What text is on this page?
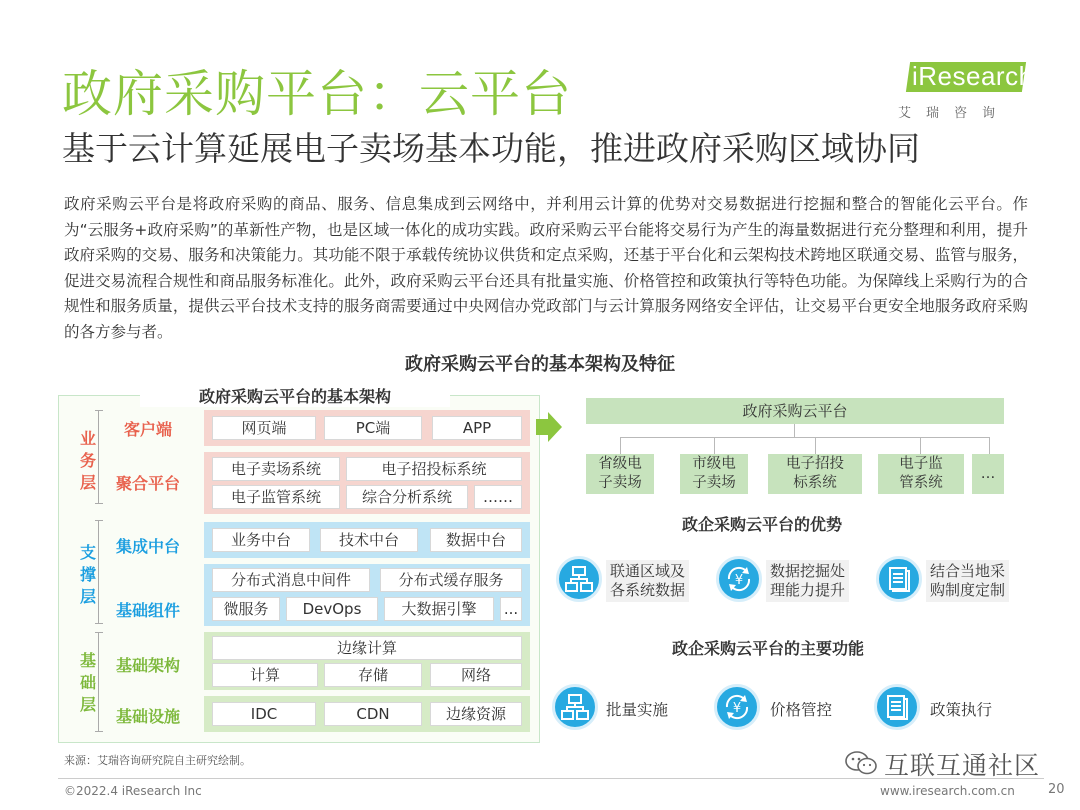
政府采购平台：云平台
基于云计算延展电子卖场基本功能，推进政府采购区域协同
iResearch
艾瑞咨询
政府采购云平台是将政府采购的商品、服务、信息集成到云网络中，并利用云计算的优势对交易数据进行挖掘和整合的智能化云平台。作为“云服务+政府采购”的革新性产物，也是区域一体化的成功实践。政府采购云平台能将交易行为产生的海量数据进行充分整理和利用，提升政府采购的交易、服务和决策能力。其功能不限于承载传统协议供货和定点采购，还基于平台化和云架构技术跨地区联通交易、监管与服务，促进交易流程合规性和商品服务标准化。此外，政府采购云平台还具有批量实施、价格管控和政策执行等特色功能。为保障线上采购行为的合规性和服务质量，提供云平台技术支持的服务商需要通过中央网信办党政部门与云计算服务网络安全评估，让交易平台更安全地服务政府采购的各方参与者。
政府采购云平台的基本架构及特征
政府采购云平台的基本架构
业务层
支撑层
基础层
客户端	网页端	PC端	APP
聚合平台
电子卖场系统	电子招投标系统
电子监管系统	综合分析系统	……
集成中台	业务中台	技术中台	数据中台
基础组件
分布式消息中间件	分布式缓存服务
微服务	DevOps	大数据引擎	...
基础架构
边缘计算
计算	存储	网络
基础设施	IDC	CDN	边缘资源
政府采购云平台
省级电
子卖场
市级电
子卖场
电子招投
标系统
电子监
管系统
…
政企采购云平台的优势
联通区域及
各系统数据
¥
数据挖掘处
理能力提升
结合当地采
购制度定制
政企采购云平台的主要功能
批量实施	¥ 价格管控	政策执行
来源：艾瑞咨询研究院自主研究绘制。	互联互通社区
©2022.4 iResearch Inc	www.iresearch.com.cn	20
